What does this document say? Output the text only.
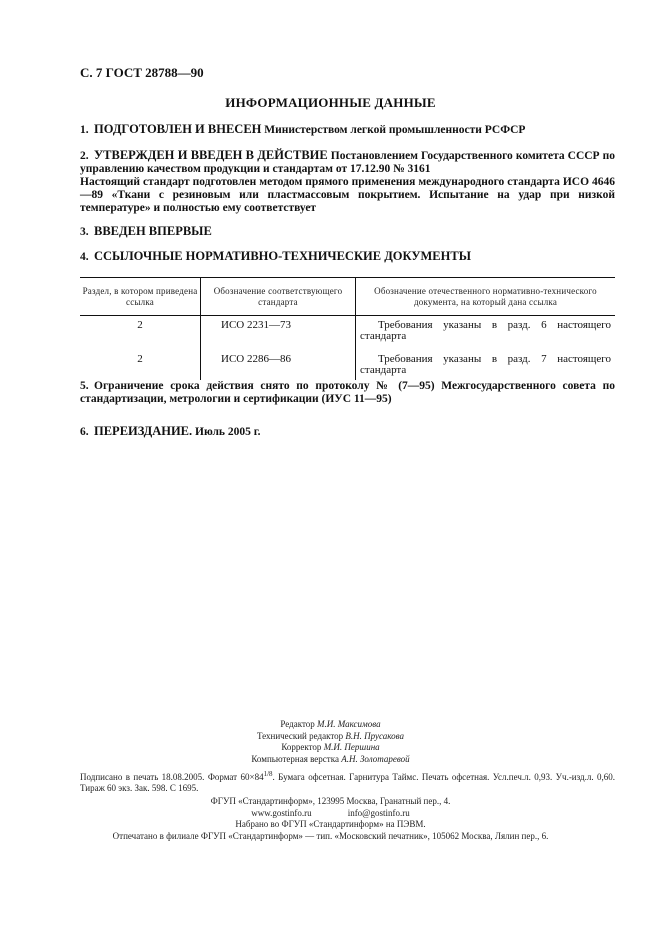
С. 7 ГОСТ 28788—90
ИНФОРМАЦИОННЫЕ ДАННЫЕ
1. ПОДГОТОВЛЕН И ВНЕСЕН Министерством легкой промышленности РСФСР
2. УТВЕРЖДЕН И ВВЕДЕН В ДЕЙСТВИЕ Постановлением Государственного комитета СССР по управлению качеством продукции и стандартам от 17.12.90 № 3161
Настоящий стандарт подготовлен методом прямого применения международного стандарта ИСО 4646—89 «Ткани с резиновым или пластмассовым покрытием. Испытание на удар при низкой температуре» и полностью ему соответствует
3. ВВЕДЕН ВПЕРВЫЕ
4. ССЫЛОЧНЫЕ НОРМАТИВНО-ТЕХНИЧЕСКИЕ ДОКУМЕНТЫ
Раздел, в котором приведена ссылка	Обозначение соответствующего стандарта	Обозначение отечественного нормативно-технического документа, на который дана ссылка
2	ИСО 2231—73	Требования указаны в разд. 6 настоящего стандарта
2	ИСО 2286—86	Требования указаны в разд. 7 настоящего стандарта
5. Ограничение срока действия снято по протоколу № (7—95) Межгосударственного совета по стандартизации, метрологии и сертификации (ИУС 11—95)
6. ПЕРЕИЗДАНИЕ. Июль 2005 г.
Редактор М.И. Максимова
Технический редактор В.Н. Прусакова
Корректор М.И. Першина
Компьютерная верстка А.Н. Золотаревой
Подписано в печать 18.08.2005. Формат $60\times 84^{1/8}$. Бумага офсетная. Гарнитура Таймс. Печать офсетная. Усл.печ.л. 0,93. Уч.-изд.л. 0,60. Тираж 60 экз. Зак. 598. С 1695.
ФГУП «Стандартинформ», 123995 Москва, Гранатный пер., 4.
www.gostinfo.ru	info@gostinfo.ru
Набрано во ФГУП «Стандартинформ» на ПЭВМ.
Отпечатано в филиале ФГУП «Стандартинформ» — тип. «Московский печатник», 105062 Москва, Лялин пер., 6.
